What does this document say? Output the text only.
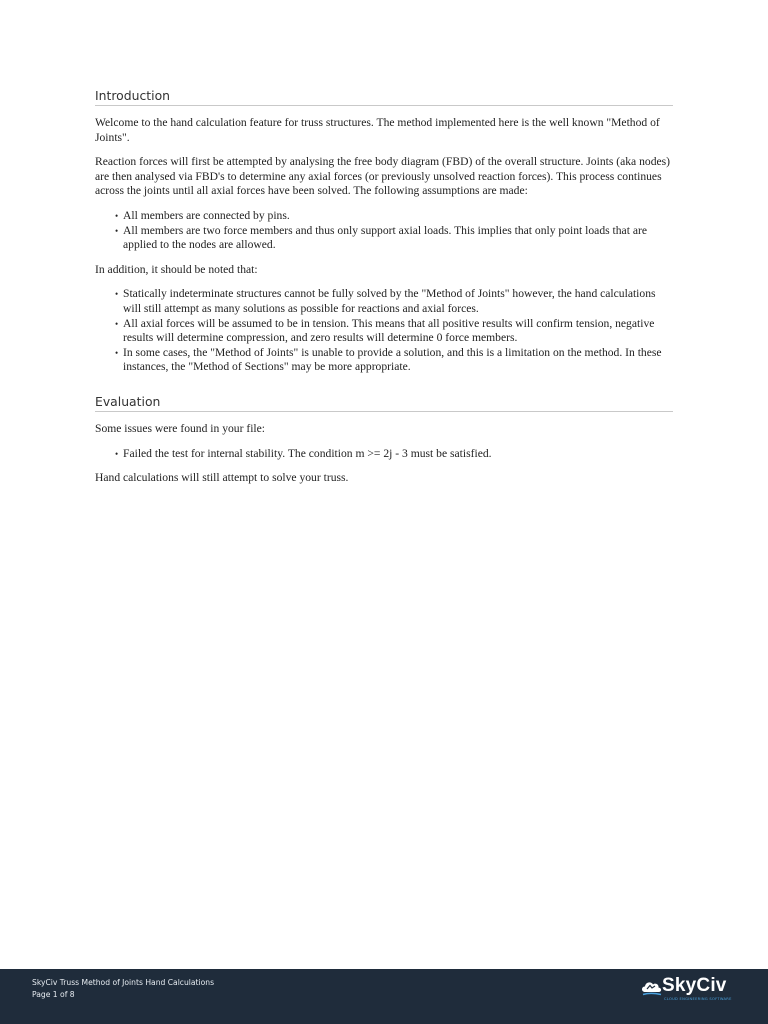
Introduction

Welcome to the hand calculation feature for truss structures. The method implemented here is the well known "Method of Joints".

Reaction forces will first be attempted by analysing the free body diagram (FBD) of the overall structure. Joints (aka nodes) are then analysed via FBD's to determine any axial forces (or previously unsolved reaction forces). This process continues across the joints until all axial forces have been solved. The following assumptions are made:

• All members are connected by pins.
• All members are two force members and thus only support axial loads. This implies that only point loads that are applied to the nodes are allowed.

In addition, it should be noted that:

• Statically indeterminate structures cannot be fully solved by the "Method of Joints" however, the hand calculations will still attempt as many solutions as possible for reactions and axial forces.
• All axial forces will be assumed to be in tension. This means that all positive results will confirm tension, negative results will determine compression, and zero results will determine 0 force members.
• In some cases, the "Method of Joints" is unable to provide a solution, and this is a limitation on the method. In these instances, the "Method of Sections" may be more appropriate.
Evaluation

Some issues were found in your file:

• Failed the test for internal stability. The condition m >= 2j - 3 must be satisfied.

Hand calculations will still attempt to solve your truss.

SkyCiv Truss Method of Joints Hand Calculations
Page 1 of 8	SkyCiv
CLOUD ENGINEERING SOFTWARE
